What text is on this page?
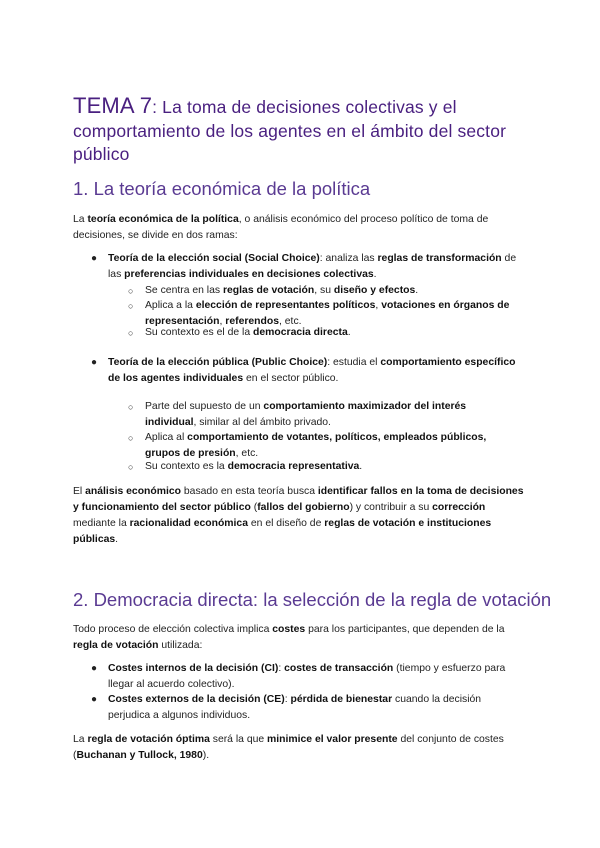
TEMA 7: La toma de decisiones colectivas y el comportamiento de los agentes en el ámbito del sector público
1. La teoría económica de la política

La teoría económica de la política, o análisis económico del proceso político de toma de decisiones, se divide en dos ramas:

● Teoría de la elección social (Social Choice): analiza las reglas de transformación de las preferencias individuales en decisiones colectivas.

○ Se centra en las reglas de votación, su diseño y efectos.

○ Aplica a la elección de representantes políticos, votaciones en órganos de representación, referendos, etc.

○ Su contexto es el de la democracia directa.

● Teoría de la elección pública (Public Choice): estudia el comportamiento específico de los agentes individuales en el sector público.

○ Parte del supuesto de un comportamiento maximizador del interés individual, similar al del ámbito privado.

○ Aplica al comportamiento de votantes, políticos, empleados públicos, grupos de presión, etc.

○ Su contexto es la democracia representativa.

El análisis económico basado en esta teoría busca identificar fallos en la toma de decisiones y funcionamiento del sector público (fallos del gobierno) y contribuir a su corrección mediante la racionalidad económica en el diseño de reglas de votación e instituciones públicas.

2. Democracia directa: la selección de la regla de votación

Todo proceso de elección colectiva implica costes para los participantes, que dependen de la regla de votación utilizada:

● Costes internos de la decisión (CI): costes de transacción (tiempo y esfuerzo para llegar al acuerdo colectivo).

● Costes externos de la decisión (CE): pérdida de bienestar cuando la decisión perjudica a algunos individuos.

La regla de votación óptima será la que minimice el valor presente del conjunto de costes (Buchanan y Tullock, 1980).
